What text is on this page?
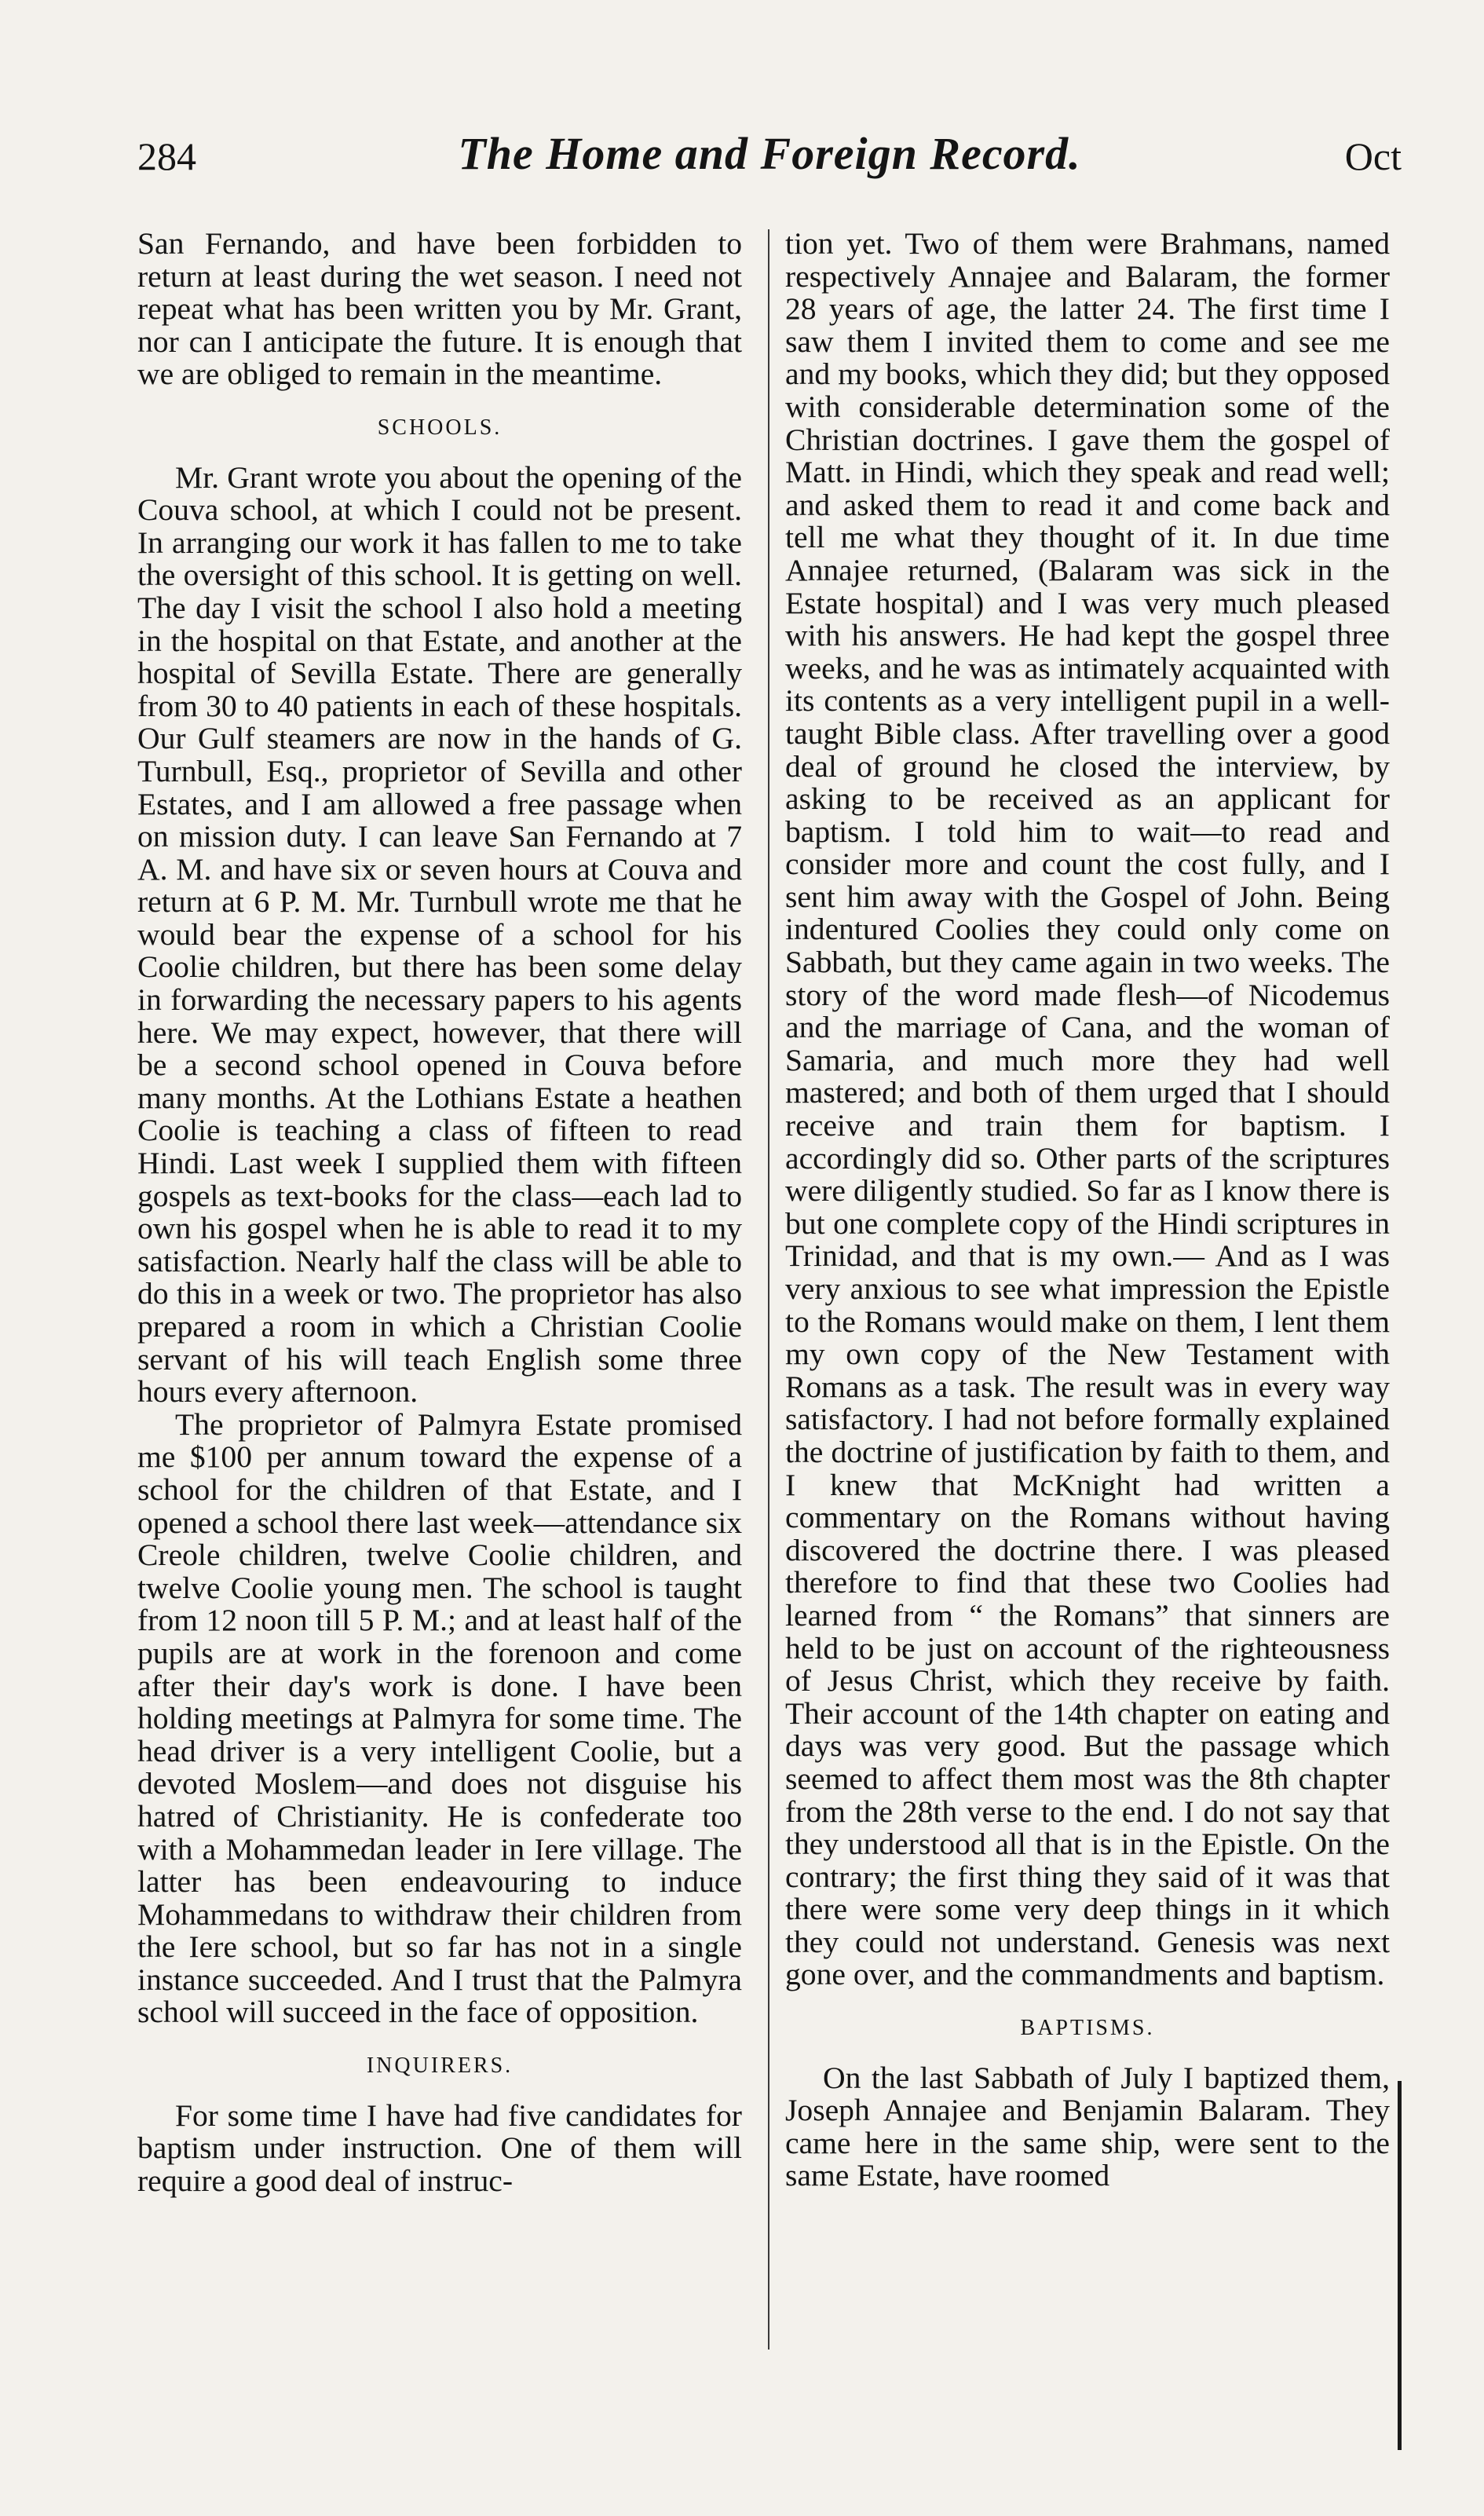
284	The Home and Foreign Record.	Oct

San Fernando, and have been forbidden to return at least during the wet season. I need not repeat what has been written you by Mr. Grant, nor can I anticipate the future. It is enough that we are obliged to remain in the meantime.

SCHOOLS.

Mr. Grant wrote you about the opening of the Couva school, at which I could not be present. In arranging our work it has fallen to me to take the oversight of this school. It is getting on well. The day I visit the school I also hold a meeting in the hospital on that Estate, and another at the hospital of Sevilla Estate. There are generally from 30 to 40 patients in each of these hospitals. Our Gulf steamers are now in the hands of G. Turnbull, Esq., proprietor of Sevilla and other Estates, and I am allowed a free passage when on mission duty. I can leave San Fernando at 7 A. M. and have six or seven hours at Couva and return at 6 P. M. Mr. Turnbull wrote me that he would bear the expense of a school for his Coolie children, but there has been some delay in forwarding the necessary papers to his agents here. We may expect, however, that there will be a second school opened in Couva before many months. At the Lothians Estate a heathen Coolie is teaching a class of fifteen to read Hindi. Last week I supplied them with fifteen gospels as text-books for the class—each lad to own his gospel when he is able to read it to my satisfaction. Nearly half the class will be able to do this in a week or two. The proprietor has also prepared a room in which a Christian Coolie servant of his will teach English some three hours every afternoon.

The proprietor of Palmyra Estate promised me $100 per annum toward the expense of a school for the children of that Estate, and I opened a school there last week—attendance six Creole children, twelve Coolie children, and twelve Coolie young men. The school is taught from 12 noon till 5 P. M.; and at least half of the pupils are at work in the forenoon and come after their day's work is done. I have been holding meetings at Palmyra for some time. The head driver is a very intelligent Coolie, but a devoted Moslem—and does not disguise his hatred of Christianity. He is confederate too with a Mohammedan leader in Iere village. The latter has been endeavouring to induce Mohammedans to withdraw their children from the Iere school, but so far has not in a single instance succeeded. And I trust that the Palmyra school will succeed in the face of opposition.

INQUIRERS.

For some time I have had five candidates for baptism under instruction. One of them will require a good deal of instruc-

tion yet. Two of them were Brahmans, named respectively Annajee and Balaram, the former 28 years of age, the latter 24. The first time I saw them I invited them to come and see me and my books, which they did; but they opposed with considerable determination some of the Christian doctrines. I gave them the gospel of Matt. in Hindi, which they speak and read well; and asked them to read it and come back and tell me what they thought of it. In due time Annajee returned, (Balaram was sick in the Estate hospital) and I was very much pleased with his answers. He had kept the gospel three weeks, and he was as intimately acquainted with its contents as a very intelligent pupil in a well-taught Bible class. After travelling over a good deal of ground he closed the interview, by asking to be received as an applicant for baptism. I told him to wait—to read and consider more and count the cost fully, and I sent him away with the Gospel of John. Being indentured Coolies they could only come on Sabbath, but they came again in two weeks. The story of the word made flesh—of Nicodemus and the marriage of Cana, and the woman of Samaria, and much more they had well mastered; and both of them urged that I should receive and train them for baptism. I accordingly did so. Other parts of the scriptures were diligently studied. So far as I know there is but one complete copy of the Hindi scriptures in Trinidad, and that is my own.— And as I was very anxious to see what impression the Epistle to the Romans would make on them, I lent them my own copy of the New Testament with Romans as a task. The result was in every way satisfactory. I had not before formally explained the doctrine of justification by faith to them, and I knew that McKnight had written a commentary on the Romans without having discovered the doctrine there. I was pleased therefore to find that these two Coolies had learned from “ the Romans” that sinners are held to be just on account of the righteousness of Jesus Christ, which they receive by faith. Their account of the 14th chapter on eating and days was very good. But the passage which seemed to affect them most was the 8th chapter from the 28th verse to the end. I do not say that they understood all that is in the Epistle. On the contrary; the first thing they said of it was that there were some very deep things in it which they could not understand. Genesis was next gone over, and the commandments and baptism.

BAPTISMS.

On the last Sabbath of July I baptized them, Joseph Annajee and Benjamin Balaram. They came here in the same ship, were sent to the same Estate, have roomed
